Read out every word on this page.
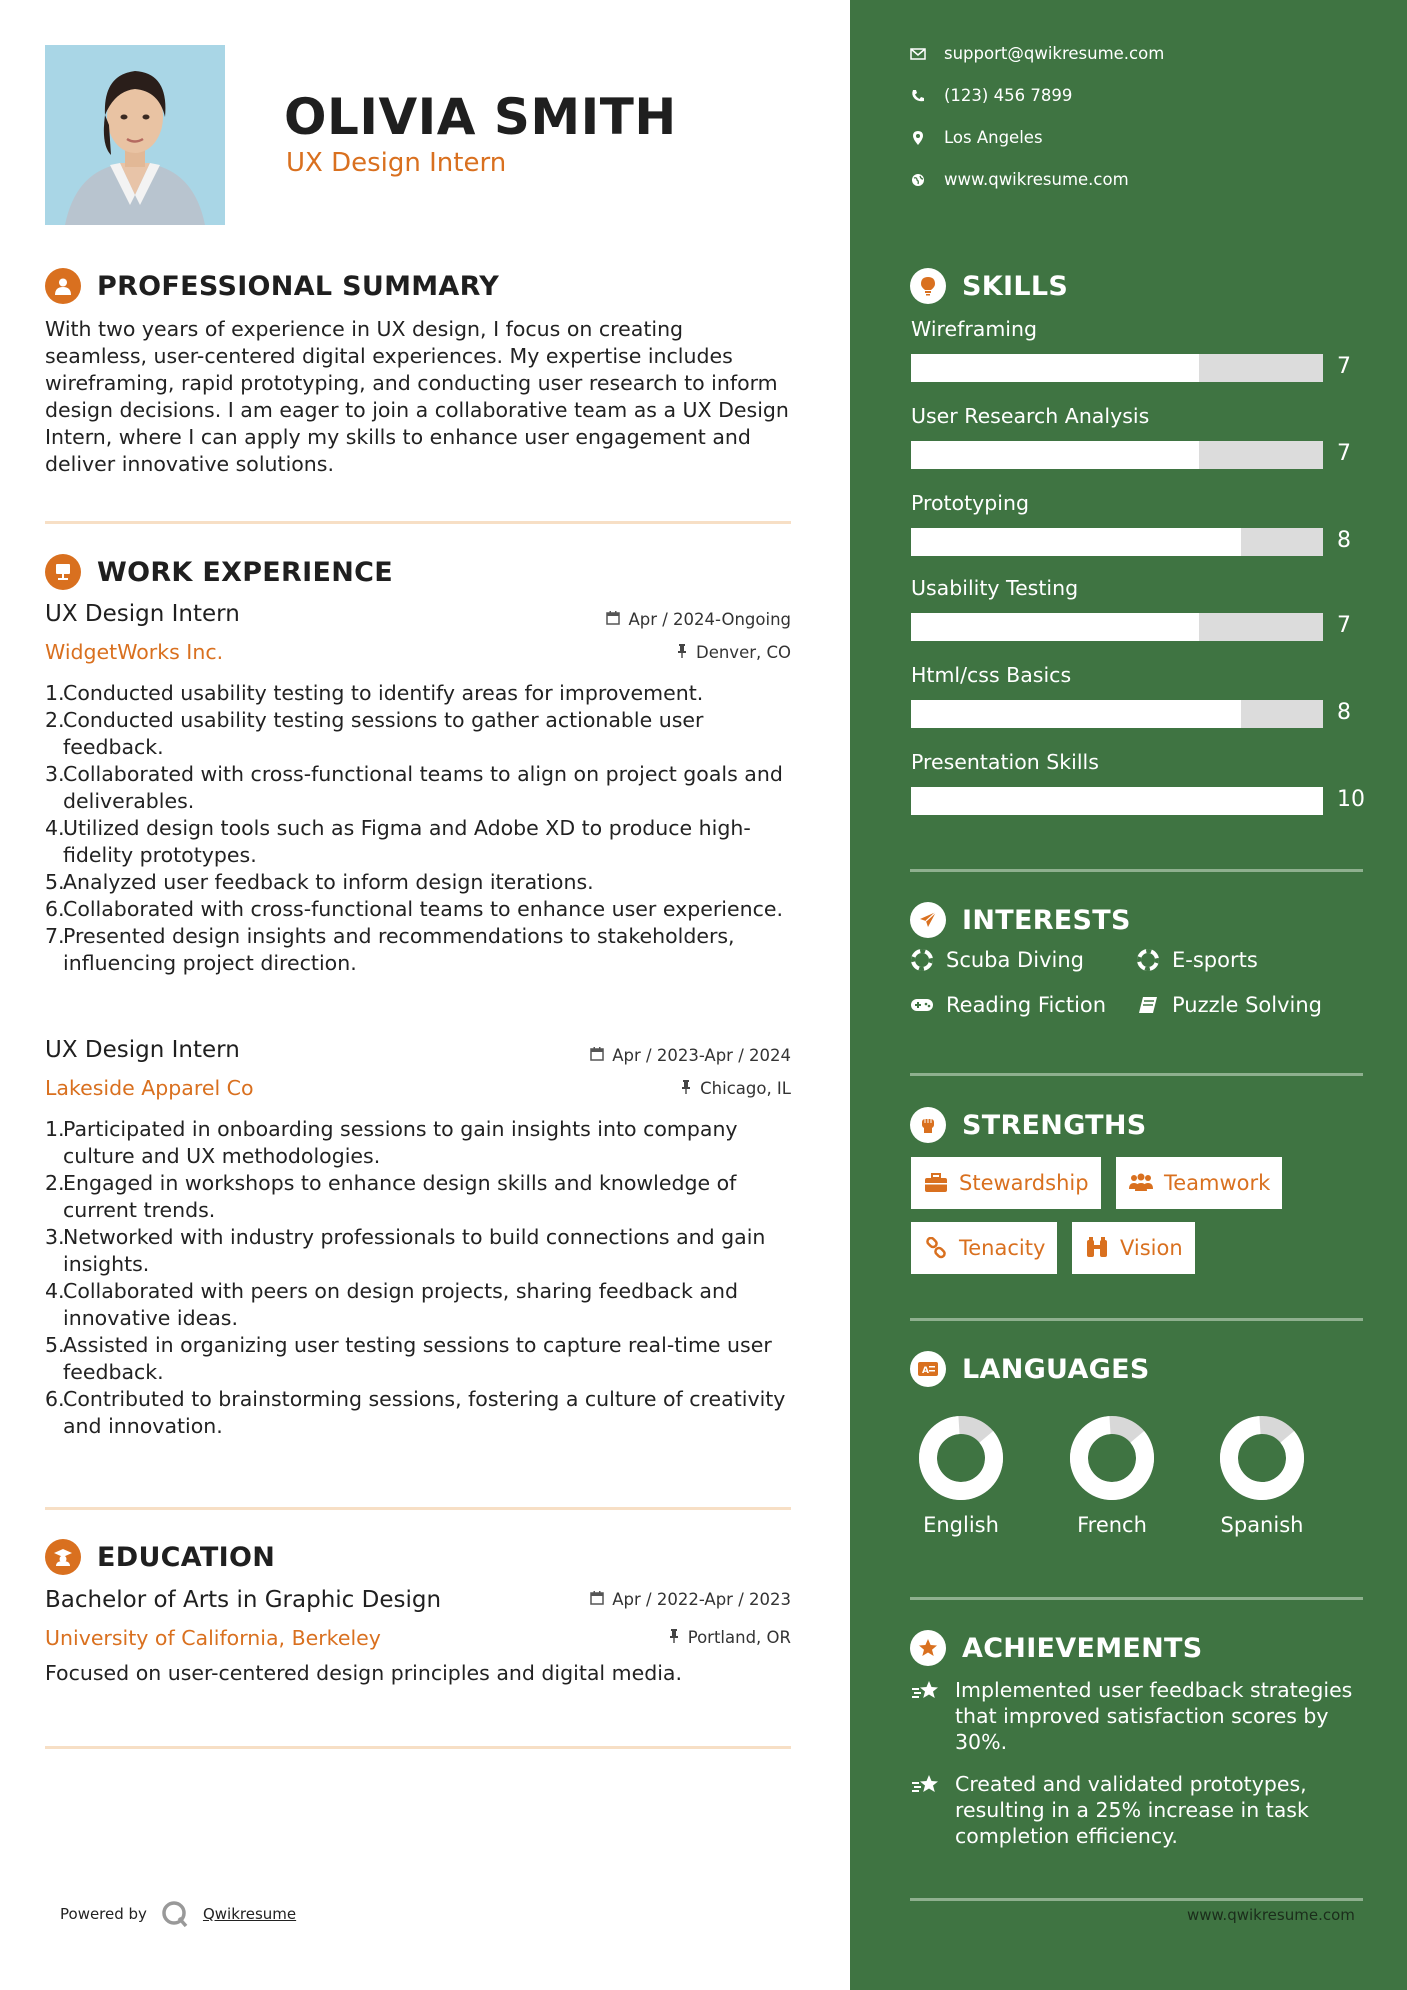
OLIVIA SMITH
UX Design Intern
PROFESSIONAL SUMMARY
With two years of experience in UX design, I focus on creating seamless, user-centered digital experiences. My expertise includes wireframing, rapid prototyping, and conducting user research to inform design decisions. I am eager to join a collaborative team as a UX Design Intern, where I can apply my skills to enhance user engagement and deliver innovative solutions.
WORK EXPERIENCE
UX Design Intern	Apr / 2024-Ongoing
WidgetWorks Inc.	Denver, CO
1.
Conducted usability testing to identify areas for improvement.
2.
Conducted usability testing sessions to gather actionable user feedback.
3.
Collaborated with cross-functional teams to align on project goals and deliverables.
4.
Utilized design tools such as Figma and Adobe XD to produce high-fidelity prototypes.
5.
Analyzed user feedback to inform design iterations.
6.
Collaborated with cross-functional teams to enhance user experience.
7.
Presented design insights and recommendations to stakeholders, influencing project direction.
UX Design Intern	Apr / 2023-Apr / 2024
Lakeside Apparel Co	Chicago, IL
1.
Participated in onboarding sessions to gain insights into company culture and UX methodologies.
2.
Engaged in workshops to enhance design skills and knowledge of current trends.
3.
Networked with industry professionals to build connections and gain insights.
4.
Collaborated with peers on design projects, sharing feedback and innovative ideas.
5.
Assisted in organizing user testing sessions to capture real-time user feedback.
6.
Contributed to brainstorming sessions, fostering a culture of creativity and innovation.
EDUCATION
Bachelor of Arts in Graphic Design	Apr / 2022-Apr / 2023
University of California, Berkeley	Portland, OR
Focused on user-centered design principles and digital media.
Powered by	Qwikresume
support@qwikresume.com
(123) 456 7899
Los Angeles
www.qwikresume.com
SKILLS
Wireframing
7
User Research Analysis
7
Prototyping
8
Usability Testing
7
Html/css Basics
8
Presentation Skills
10
INTERESTS
Scuba Diving	E-sports
Reading Fiction	Puzzle Solving
STRENGTHS
Stewardship	Teamwork
Tenacity	Vision
A LANGUAGES
English	French	Spanish
ACHIEVEMENTS
Implemented user feedback strategies that improved satisfaction scores by 30%.
Created and validated prototypes, resulting in a 25% increase in task completion efficiency.
www.qwikresume.com
